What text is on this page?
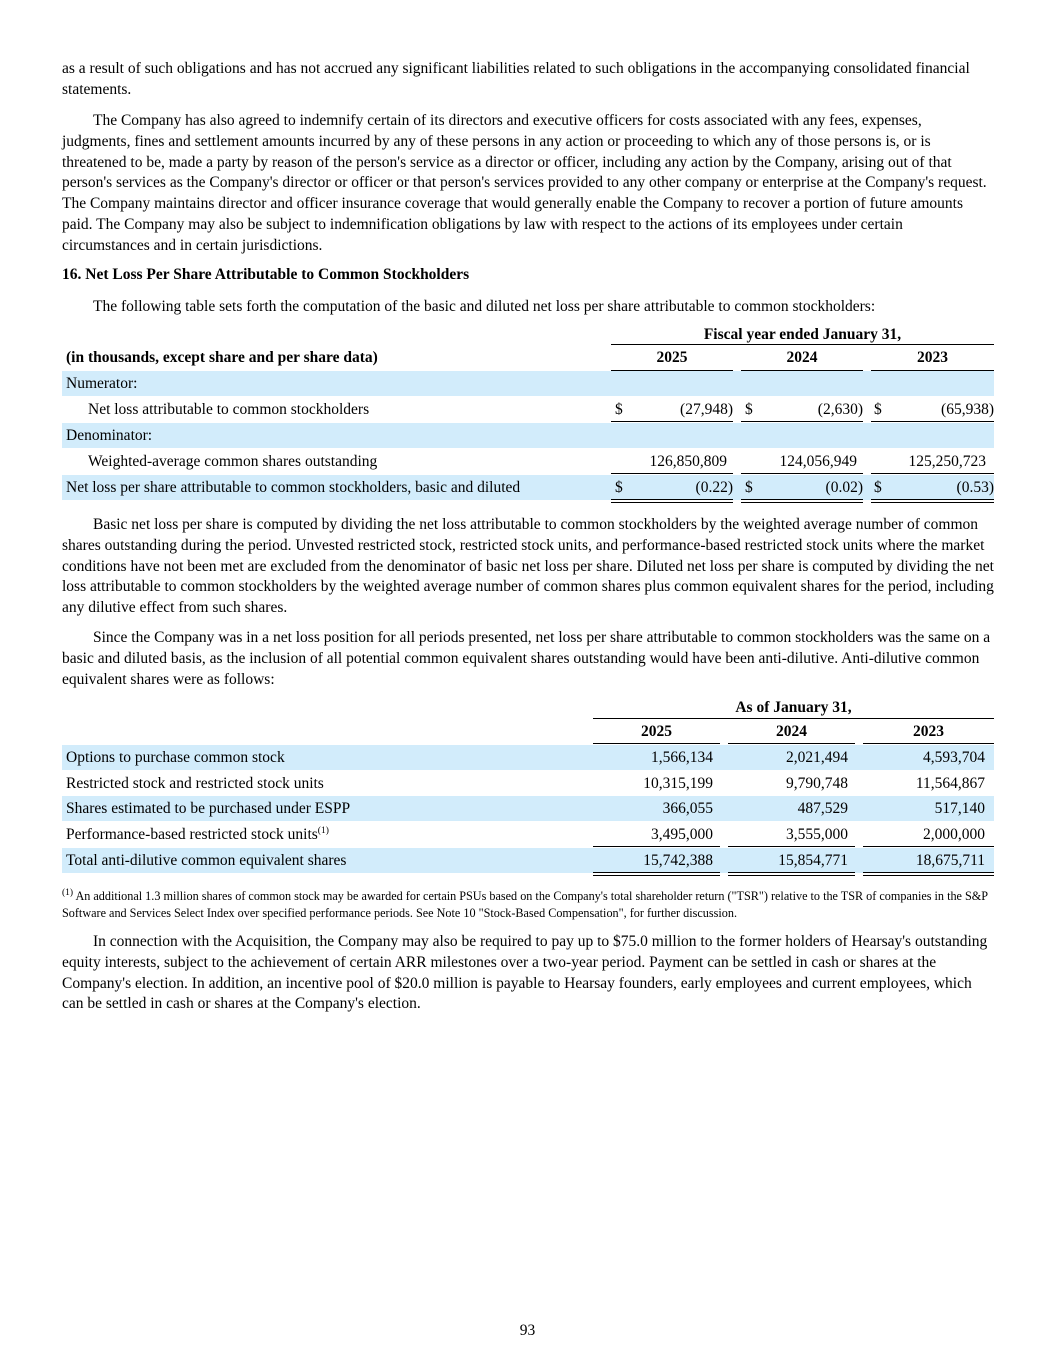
as a result of such obligations and has not accrued any significant liabilities related to such obligations in the accompanying consolidated financial statements.

The Company has also agreed to indemnify certain of its directors and executive officers for costs associated with any fees, expenses, judgments, fines and settlement amounts incurred by any of these persons in any action or proceeding to which any of those persons is, or is threatened to be, made a party by reason of the person's service as a director or officer, including any action by the Company, arising out of that person's services as the Company's director or officer or that person's services provided to any other company or enterprise at the Company's request. The Company maintains director and officer insurance coverage that would generally enable the Company to recover a portion of future amounts paid. The Company may also be subject to indemnification obligations by law with respect to the actions of its employees under certain circumstances and in certain jurisdictions.

16. Net Loss Per Share Attributable to Common Stockholders

The following table sets forth the computation of the basic and diluted net loss per share attributable to common stockholders:

Fiscal year ended January 31,
(in thousands, except share and per share data)	2025	2024	2023
Numerator:
Net loss attributable to common stockholders	$	(27,948) $	(2,630) $	(65,938)
Denominator:
Weighted-average common shares outstanding	126,850,809	124,056,949	125,250,723
Net loss per share attributable to common stockholders, basic and diluted	$	(0.22) $	(0.02) $	(0.53)

Basic net loss per share is computed by dividing the net loss attributable to common stockholders by the weighted average number of common shares outstanding during the period. Unvested restricted stock, restricted stock units, and performance-based restricted stock units where the market conditions have not been met are excluded from the denominator of basic net loss per share. Diluted net loss per share is computed by dividing the net loss attributable to common stockholders by the weighted average number of common shares plus common equivalent shares for the period, including any dilutive effect from such shares.

Since the Company was in a net loss position for all periods presented, net loss per share attributable to common stockholders was the same on a basic and diluted basis, as the inclusion of all potential common equivalent shares outstanding would have been anti-dilutive. Anti-dilutive common equivalent shares were as follows:

As of January 31,
2025	2024	2023
Options to purchase common stock	1,566,134	2,021,494	4,593,704
Restricted stock and restricted stock units	10,315,199	9,790,748	11,564,867
Shares estimated to be purchased under ESPP	366,055	487,529	517,140
Performance-based restricted stock units$^{(1)}$	3,495,000	3,555,000	2,000,000
Total anti-dilutive common equivalent shares	15,742,388	15,854,771	18,675,711

$^{(1)}$ An additional 1.3 million shares of common stock may be awarded for certain PSUs based on the Company's total shareholder return ("TSR") relative to the TSR of companies in the S&P Software and Services Select Index over specified performance periods. See Note 10 "Stock-Based Compensation", for further discussion.

In connection with the Acquisition, the Company may also be required to pay up to $75.0 million to the former holders of Hearsay's outstanding equity interests, subject to the achievement of certain ARR milestones over a two-year period. Payment can be settled in cash or shares at the Company's election. In addition, an incentive pool of $20.0 million is payable to Hearsay founders, early employees and current employees, which can be settled in cash or shares at the Company's election.

93
